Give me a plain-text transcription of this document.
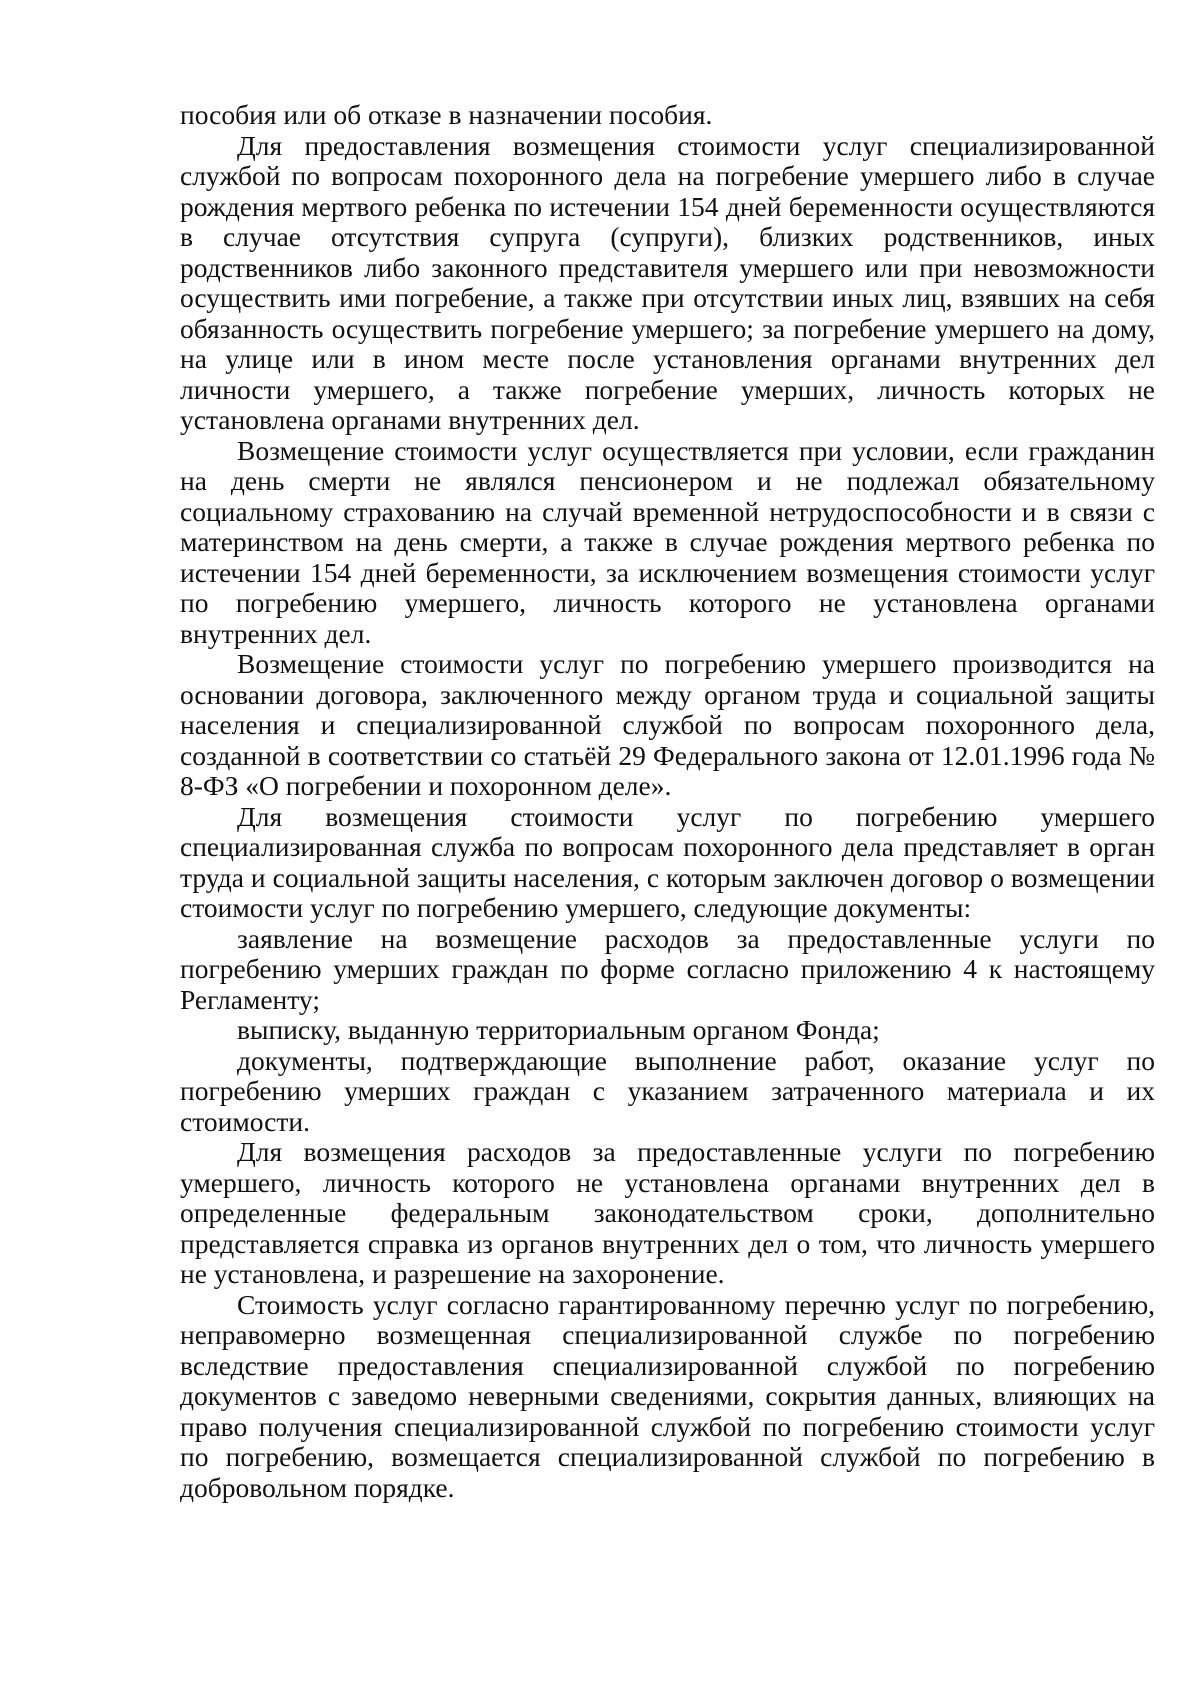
пособия или об отказе в назначении пособия.

Для предоставления возмещения стоимости услуг специализированной службой по вопросам похоронного дела на погребение умершего либо в случае рождения мертвого ребенка по истечении 154 дней беременности осуществляются в случае отсутствия супруга (супруги), близких родственников, иных родственников либо законного представителя умершего или при невозможности осуществить ими погребение, а также при отсутствии иных лиц, взявших на себя обязанность осуществить погребение умершего; за погребение умершего на дому, на улице или в ином месте после установления органами внутренних дел личности умершего, а также погребение умерших, личность которых не установлена органами внутренних дел.

Возмещение стоимости услуг осуществляется при условии, если гражданин на день смерти не являлся пенсионером и не подлежал обязательному социальному страхованию на случай временной нетрудоспособности и в связи с материнством на день смерти, а также в случае рождения мертвого ребенка по истечении 154 дней беременности, за исключением возмещения стоимости услуг по погребению умершего, личность которого не установлена органами внутренних дел.

Возмещение стоимости услуг по погребению умершего производится на основании договора, заключенного между органом труда и социальной защиты населения и специализированной службой по вопросам похоронного дела, созданной в соответствии со статьёй 29 Федерального закона от 12.01.1996 года № 8-ФЗ «О погребении и похоронном деле».

Для возмещения стоимости услуг по погребению умершего специализированная служба по вопросам похоронного дела представляет в орган труда и социальной защиты населения, с которым заключен договор о возмещении стоимости услуг по погребению умершего, следующие документы:

заявление на возмещение расходов за предоставленные услуги по погребению умерших граждан по форме согласно приложению 4 к настоящему Регламенту;

выписку, выданную территориальным органом Фонда;

документы, подтверждающие выполнение работ, оказание услуг по погребению умерших граждан с указанием затраченного материала и их стоимости.

Для возмещения расходов за предоставленные услуги по погребению умершего, личность которого не установлена органами внутренних дел в определенные федеральным законодательством сроки, дополнительно представляется справка из органов внутренних дел о том, что личность умершего не установлена, и разрешение на захоронение.

Стоимость услуг согласно гарантированному перечню услуг по погребению, неправомерно возмещенная специализированной службе по погребению вследствие предоставления специализированной службой по погребению документов с заведомо неверными сведениями, сокрытия данных, влияющих на право получения специализированной службой по погребению стоимости услуг по погребению, возмещается специализированной службой по погребению в добровольном порядке.
